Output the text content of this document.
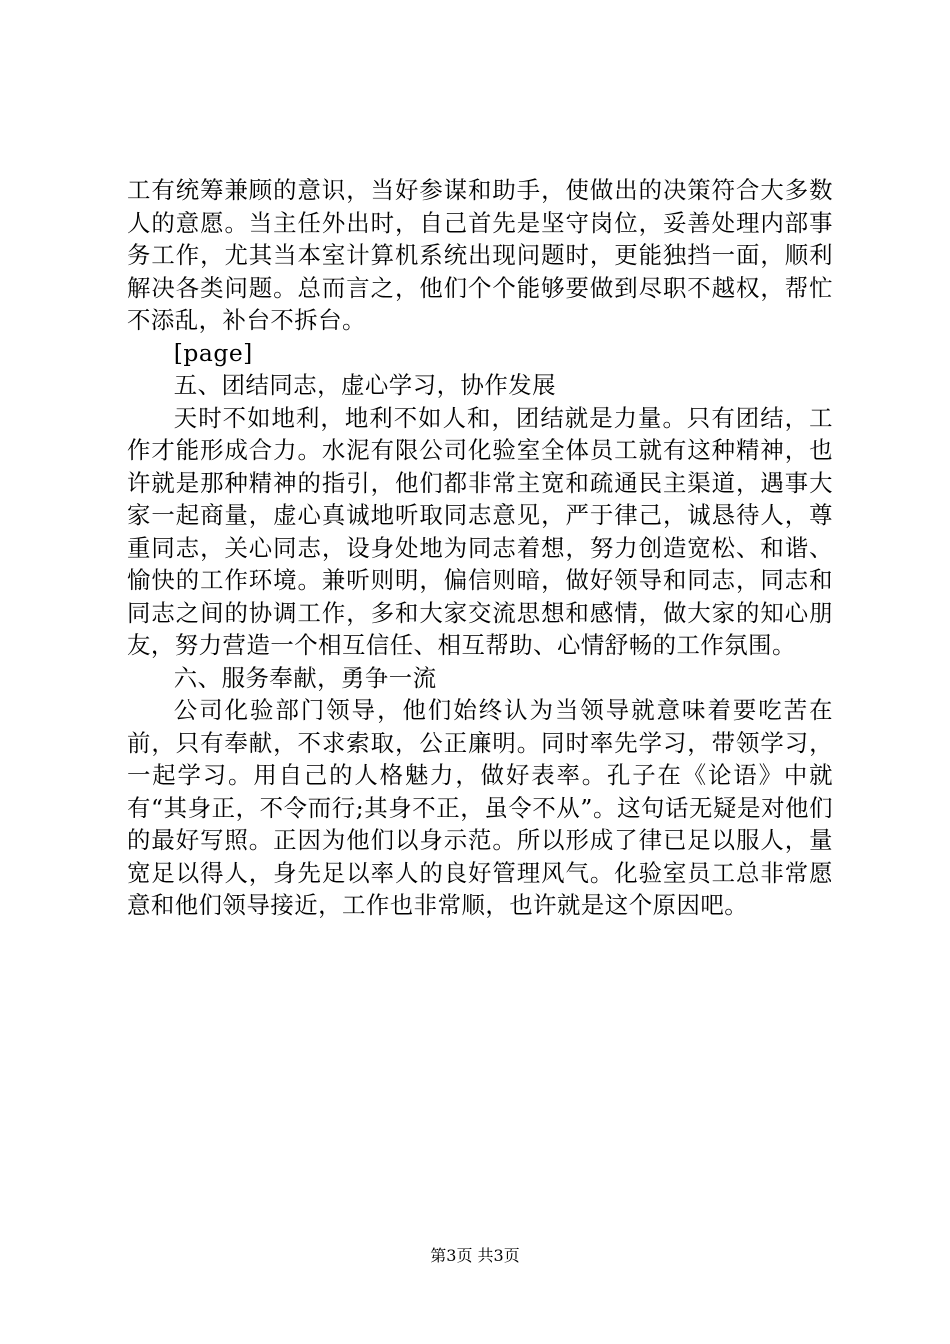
工有统筹兼顾的意识，当好参谋和助手，使做出的决策符合大多数人的意愿。当主任外出时，自己首先是坚守岗位，妥善处理内部事务工作，尤其当本室计算机系统出现问题时，更能独挡一面，顺利解决各类问题。总而言之，他们个个能够要做到尽职不越权，帮忙不添乱，补台不拆台。

[page]

五、团结同志，虚心学习，协作发展

天时不如地利，地利不如人和，团结就是力量。只有团结，工作才能形成合力。水泥有限公司化验室全体员工就有这种精神，也许就是那种精神的指引，他们都非常主宽和疏通民主渠道，遇事大家一起商量，虚心真诚地听取同志意见，严于律己，诚恳待人，尊重同志，关心同志，设身处地为同志着想，努力创造宽松、和谐、愉快的工作环境。兼听则明，偏信则暗，做好领导和同志，同志和同志之间的协调工作，多和大家交流思想和感情，做大家的知心朋友，努力营造一个相互信任、相互帮助、心情舒畅的工作氛围。

六、服务奉献，勇争一流

公司化验部门领导，他们始终认为当领导就意味着要吃苦在前，只有奉献，不求索取，公正廉明。同时率先学习，带领学习，一起学习。用自己的人格魅力，做好表率。孔子在《论语》中就有“其身正，不令而行;其身不正，虽令不从”。这句话无疑是对他们的最好写照。正因为他们以身示范。所以形成了律已足以服人，量宽足以得人，身先足以率人的良好管理风气。化验室员工总非常愿意和他们领导接近，工作也非常顺，也许就是这个原因吧。

第3页 共3页
